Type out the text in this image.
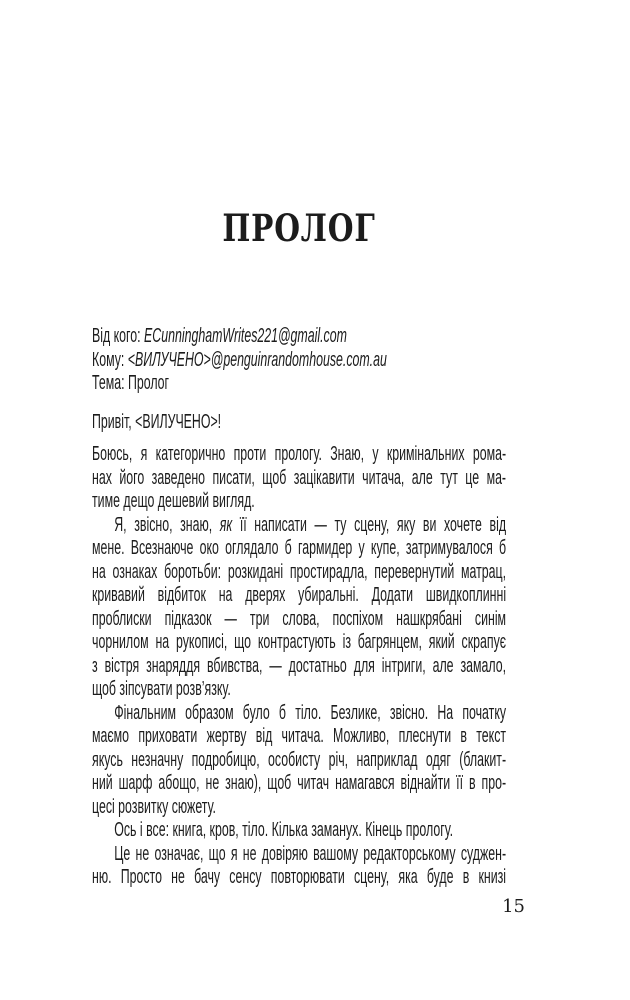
ПРОЛОГ
Від кого: ECunninghamWrites221@gmail.com
Кому: <ВИЛУЧЕНО>@penguinrandomhouse.com.au
Тема: Пролог
Привіт, <ВИЛУЧЕНО>!
Боюсь, я категорично проти прологу. Знаю, у кримінальних рома-
нах його заведено писати, щоб зацікавити читача, але тут це ма-
тиме дещо дешевий вигляд.
Я, звісно, знаю, як її написати — ту сцену, яку ви хочете від
мене. Всезнаюче око оглядало б гармидер у купе, затримувалося б
на ознаках боротьби: розкидані простирадла, перевернутий матрац,
кривавий відбиток на дверях убиральні. Додати швидкоплинні
проблиски підказок — три слова, поспіхом нашкрябані синім
чорнилом на рукописі, що контрастують із багрянцем, який скрапує
з вістря знаряддя вбивства, — достатньо для інтриги, але замало,
щоб зіпсувати розв’язку.
Фінальним образом було б тіло. Безлике, звісно. На початку
маємо приховати жертву від читача. Можливо, плеснути в текст
якусь незначну подробицю, особисту річ, наприклад одяг (блакит-
ний шарф абощо, не знаю), щоб читач намагався віднайти її в про-
цесі розвитку сюжету.
Ось і все: книга, кров, тіло. Кілька заманух. Кінець прологу.
Це не означає, що я не довіряю вашому редакторському суджен-
ню. Просто не бачу сенсу повторювати сцену, яка буде в книзі
15
